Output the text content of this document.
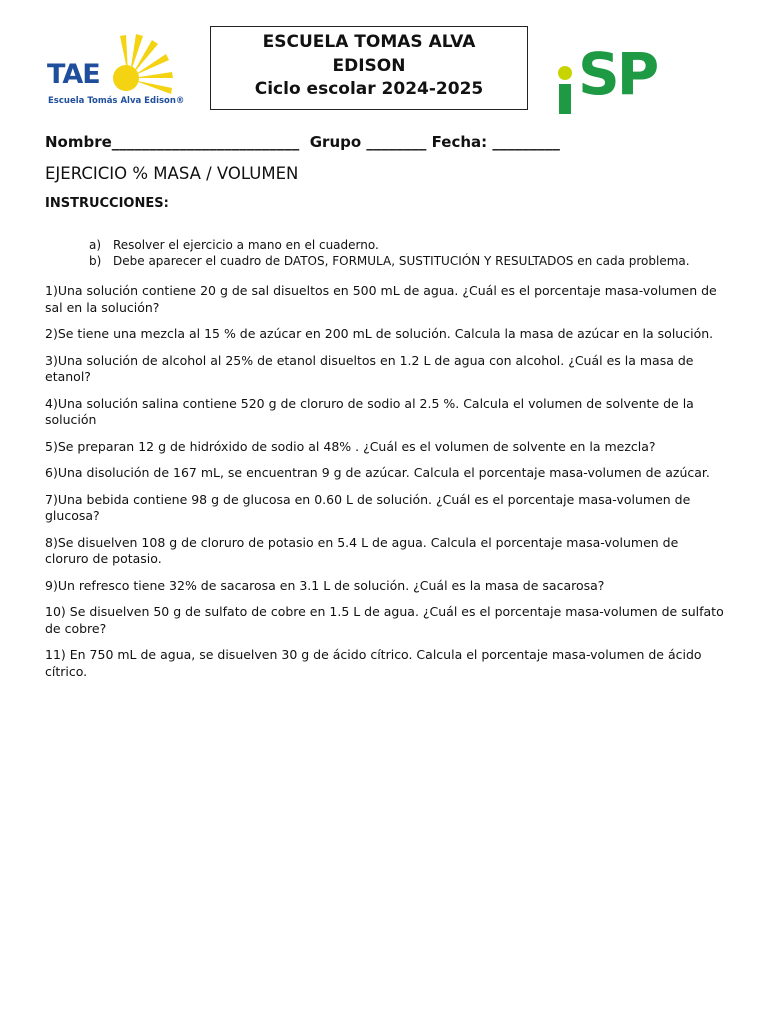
TAE
Escuela Tomás Alva Edison®
ESCUELA TOMAS ALVA
EDISON
Ciclo escolar 2024-2025	SP
Nombre_________________________ Grupo ________ Fecha: _________
EJERCICIO % MASA / VOLUMEN
INSTRUCCIONES:
a) Resolver el ejercicio a mano en el cuaderno.
b) Debe aparecer el cuadro de DATOS, FORMULA, SUSTITUCIÓN Y RESULTADOS en cada problema.
1)Una solución contiene 20 g de sal disueltos en 500 mL de agua. ¿Cuál es el porcentaje masa-volumen de sal en la solución?
2)Se tiene una mezcla al 15 % de azúcar en 200 mL de solución. Calcula la masa de azúcar en la solución.
3)Una solución de alcohol al 25% de etanol disueltos en 1.2 L de agua con alcohol. ¿Cuál es la masa de etanol?
4)Una solución salina contiene 520 g de cloruro de sodio al 2.5 %. Calcula el volumen de solvente de la solución
5)Se preparan 12 g de hidróxido de sodio al 48% . ¿Cuál es el volumen de solvente en la mezcla?
6)Una disolución de 167 mL, se encuentran 9 g de azúcar. Calcula el porcentaje masa-volumen de azúcar.
7)Una bebida contiene 98 g de glucosa en 0.60 L de solución. ¿Cuál es el porcentaje masa-volumen de glucosa?
8)Se disuelven 108 g de cloruro de potasio en 5.4 L de agua. Calcula el porcentaje masa-volumen de cloruro de potasio.
9)Un refresco tiene 32% de sacarosa en 3.1 L de solución. ¿Cuál es la masa de sacarosa?
10) Se disuelven 50 g de sulfato de cobre en 1.5 L de agua. ¿Cuál es el porcentaje masa-volumen de sulfato de cobre?
11) En 750 mL de agua, se disuelven 30 g de ácido cítrico. Calcula el porcentaje masa-volumen de ácido cítrico.
